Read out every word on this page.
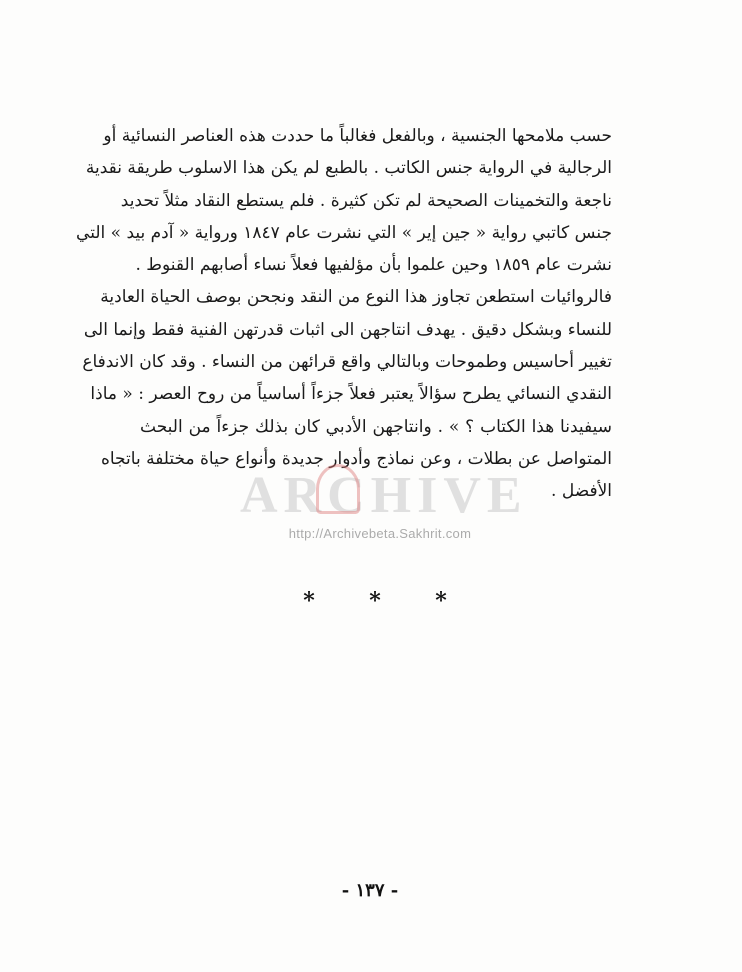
حسب ملامحها الجنسية ، وبالفعل فغالباً ما حددت هذه العناصر النسائية أو
الرجالية في الرواية جنس الكاتب . بالطبع لم يكن هذا الاسلوب طريقة نقدية
ناجعة والتخمينات الصحيحة لم تكن كثيرة . فلم يستطع النقاد مثلاً تحديد
جنس كاتبي رواية « جين إير » التي نشرت عام ١٨٤٧ ورواية « آدم بيد » التي
نشرت عام ١٨٥٩ وحين علموا بأن مؤلفيها فعلاً نساء أصابهم القنوط .
فالروائيات استطعن تجاوز هذا النوع من النقد ونجحن بوصف الحياة العادية
للنساء وبشكل دقيق . يهدف انتاجهن الى اثبات قدرتهن الفنية فقط وإنما الى
تغيير أحاسيس وطموحات وبالتالي واقع قرائهن من النساء . وقد كان الاندفاع
النقدي النسائي يطرح سؤالاً يعتبر فعلاً جزءاً أساسياً من روح العصر : « ماذا
سيفيدنا هذا الكتاب ؟ » . وانتاجهن الأدبي كان بذلك جزءاً من البحث
المتواصل عن بطلات ، وعن نماذج وأدوار جديدة وأنواع حياة مختلفة باتجاه
الأفضل .
ARCHIVE
http://Archivebeta.Sakhrit.com
* * *
- ١٣٧ -
